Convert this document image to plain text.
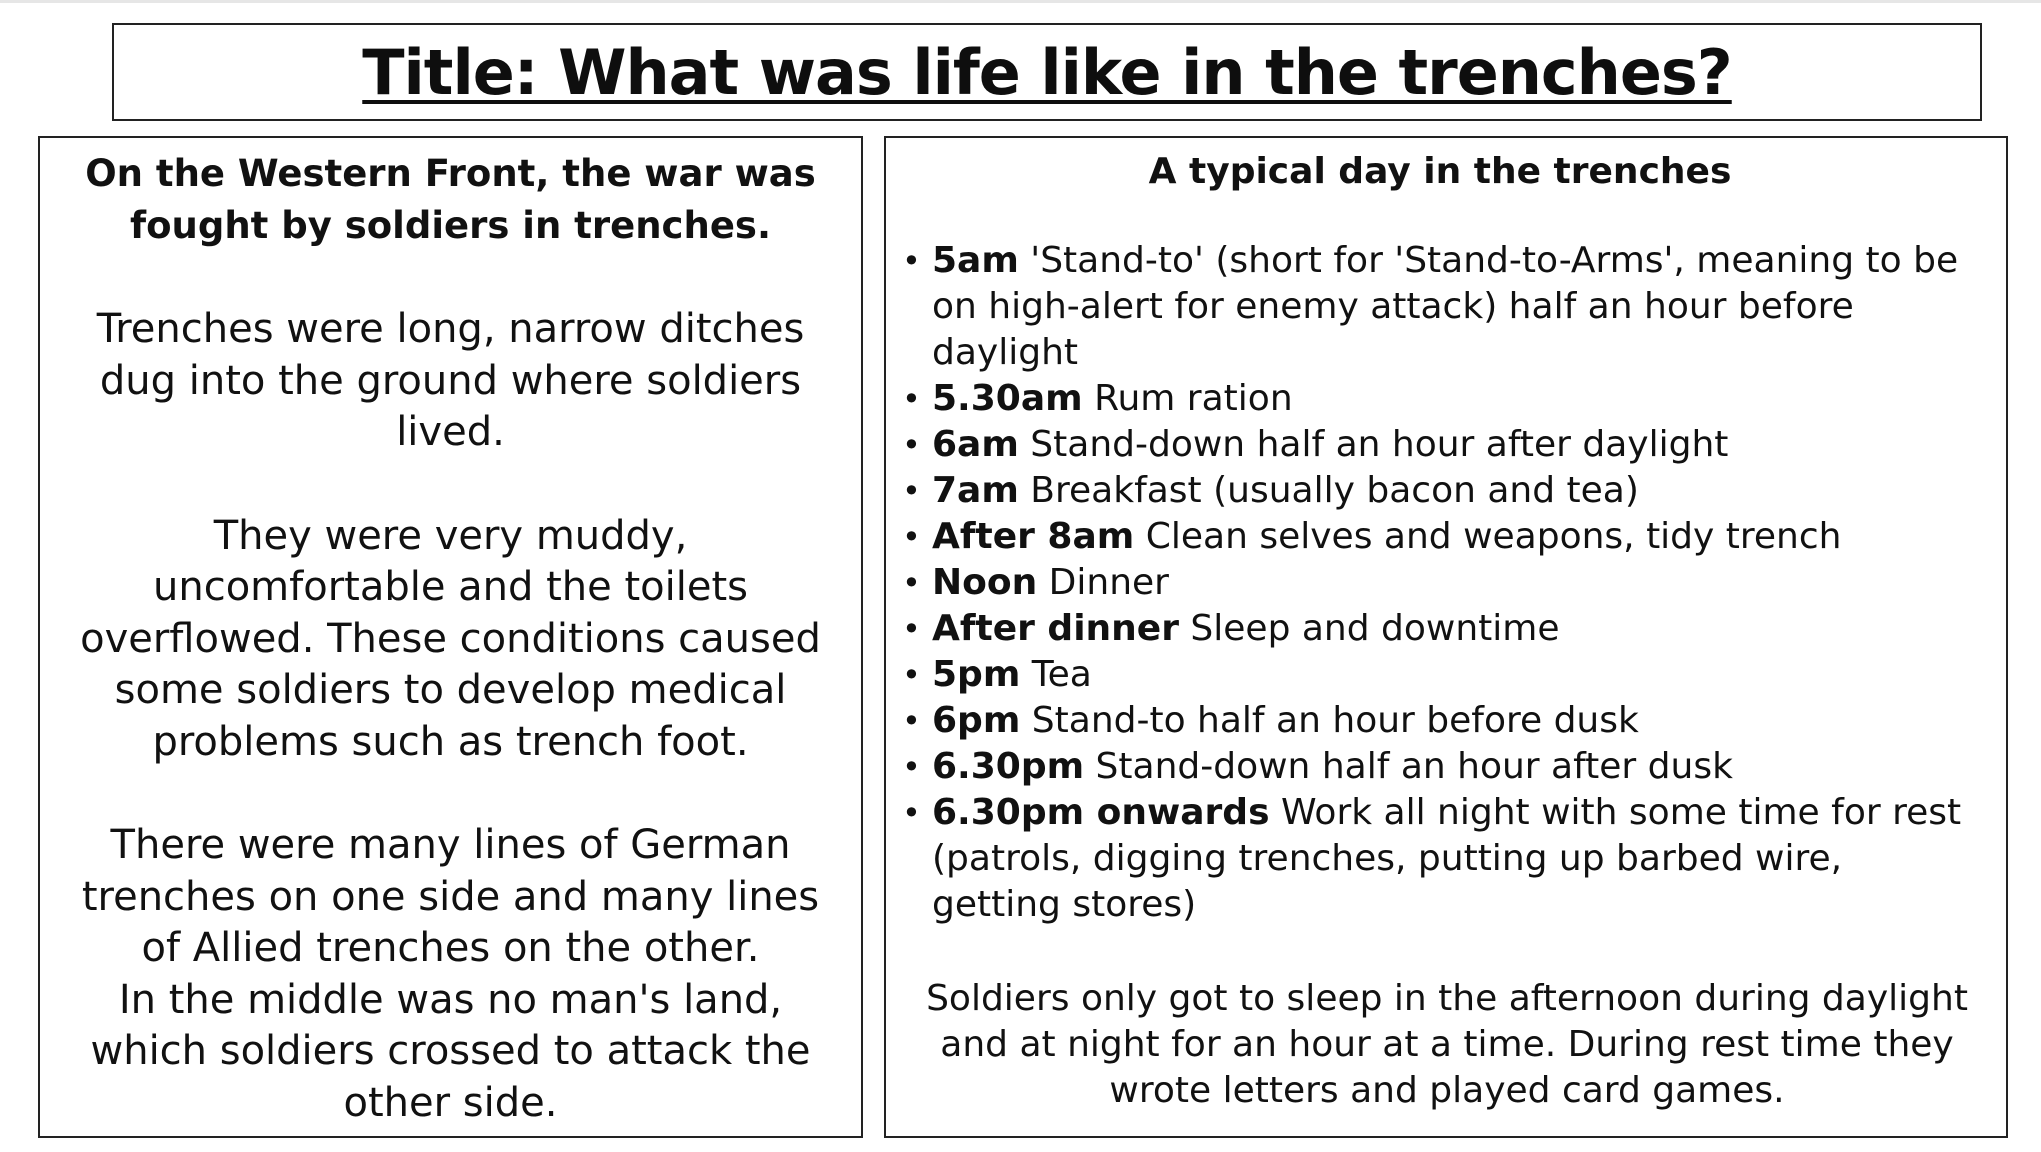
Title: What was life like in the trenches?

On the Western Front, the war was
fought by soldiers in trenches.

Trenches were long, narrow ditches
dug into the ground where soldiers
lived.

They were very muddy,
uncomfortable and the toilets
overflowed. These conditions caused
some soldiers to develop medical
problems such as trench foot.

There were many lines of German
trenches on one side and many lines
of Allied trenches on the other.
In the middle was no man's land,
which soldiers crossed to attack the
other side.

A typical day in the trenches

• 5am 'Stand-to' (short for 'Stand-to-Arms', meaning to be
on high-alert for enemy attack) half an hour before
daylight
• 5.30am Rum ration
• 6am Stand-down half an hour after daylight
• 7am Breakfast (usually bacon and tea)
• After 8am Clean selves and weapons, tidy trench
• Noon Dinner
• After dinner Sleep and downtime
• 5pm Tea
• 6pm Stand-to half an hour before dusk
• 6.30pm Stand-down half an hour after dusk
• 6.30pm onwards Work all night with some time for rest
(patrols, digging trenches, putting up barbed wire,
getting stores)

Soldiers only got to sleep in the afternoon during daylight
and at night for an hour at a time. During rest time they
wrote letters and played card games.
